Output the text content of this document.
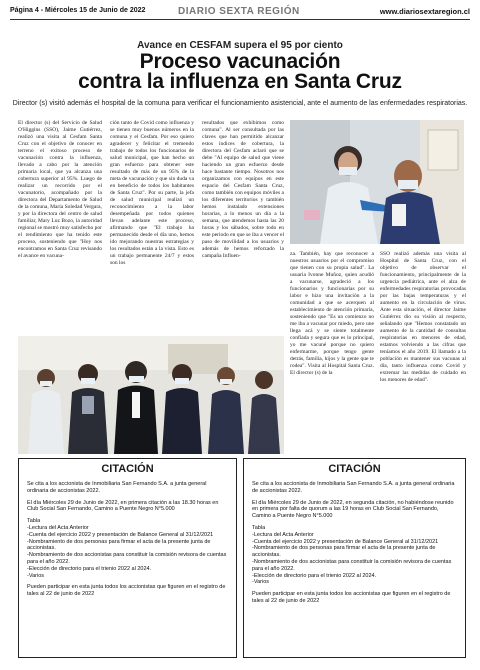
Página 4 - Miércoles 15 de Junio de 2022	DIARIO SEXTA REGIÓN	www.diariosextaregion.cl
Avance en CESFAM supera el 95 por ciento
Proceso vacunación
contra la influenza en Santa Cruz
Director (s) visitó además el hospital de la comuna para verificar el funcionamiento asistencial, ante el aumento de las enfermedades respiratorias.

El director (s) del Servicio de Salud O'Higgins (SSO), Jaime Gutiérrez, realizó una visita al Cesfam Santa Cruz con el objetivo de conocer en terreno el exitoso proceso de vacunación contra la influenza, llevado a cabo por la atención primaria local, que ya alcanza una cobertura superior al 95%. Luego de realizar un recorrido por el vacunatorio, acompañado por la directora del Departamento de Salud de la comuna, María Soledad Vergara, y por la directora del centro de salud familiar, Mary Luz Bozo, la autoridad regional se mostró muy satisfecho por el rendimiento que ha tenido este proceso, sosteniendo que "Hoy nos encontramos en Santa Cruz revisando el avance en vacuna-

ción tanto de Covid como influenza y se tienen muy buenos números en la comuna y el Cesfam. Por eso quiero agradecer y felicitar el tremendo trabajo de todos los funcionarios de salud municipal, que han hecho un gran esfuerzo para obtener este resultado de más de un 95% de la meta de vacunación y que sin duda va en beneficio de todos los habitantes de Santa Cruz". Por su parte, la jefa de salud municipal realizó un reconocimiento a la labor desempeñada por todos quienes llevan adelante este proceso, afirmando que "El trabajo ha permanecido desde el día uno, hemos ido mejorando nuestras estrategias y los resultados están a la vista. Esto es un trabajo permanente 24/7 y estos son los

resultados que exhibimos como comuna". Al ser consultada por las claves que han permitido alcanzar estos índices de cobertura, la directora del Cesfam aclaró que se debe "Al equipo de salud que viene haciendo un gran esfuerzo desde hace bastante tiempo. Nosotros nos organizamos con equipos en este espacio del Cesfam Santa Cruz, como también con equipos móviles a los diferentes territorios y también hemos instalado extensiones horarias, a lo menos un día a la semana, que atendemos hasta las 20 horas y los sábados, sobre todo en este periodo en que se iba a vencer el paso de movilidad a los usuarios y además de hemos reforzado la campaña Influen-	za. También, hay que reconocer a nuestros usuarios por el compromiso que tienen con su propia salud". La usuaria Ivonne Muñoz, quien acudió a vacunarse, agradeció a los funcionarios y funcionarias por su labor e hizo una invitación a la comunidad a que se acerquen al establecimiento de atención primaria, sosteniendo que "Es un comienzo no me iba a vacunar por miedo, pero une llega acá y se siente totalmente confiada y segura que es lo principal, yo me vacuné porque no quiero enfermarme, porque tengo gente detrás, familia, hijos y la gente que te rodea". Visita al Hospital Santa Cruz. El director (s) de la

SSO realizó además una visita al Hospital de Santa Cruz, con el objetivo de observar el funcionamiento, principalmente de la urgencia pediátrica, ante el alza de enfermedades respiratorias provocadas por las bajas temperaturas y el aumento en la circulación de virus. Ante esta situación, el director Jaime Gutiérrez dio su visión al respecto, señalando que "Hemos constatado un aumento de la cantidad de consultas respiratorias en menores de edad, estamos volviendo a las cifras que teníamos el año 2019. El llamado a la población es mantener sus vacunas al día, tanto influenza como Covid y extremar las medidas de cuidado en los menores de edad".

CITACIÓN

Se cita a los accionista de Inmobiliaria San Fernando S.A. a junta general ordinaria de accionistas 2022.

El día Miércoles 29 de Junio de 2022, en primera citación a las 18.30 horas en Club Social San Fernando, Camino a Puente Negro N°5.000

Tabla
-Lectura del Acta Anterior
-Cuenta del ejercicio 2022 y presentación de Balance General al 31/12/2021
-Nombramiento de dos personas para firmar el acta de la presente junta de accionistas.
-Nombramiento de dos accionistas para constituir la comisión revisora de cuentas para el año 2022.
-Elección de directorio para el trienio 2022 al 2024.

-Varios

Pueden participar en esta junta todos los accionistas que figuren en el registro de tales al 22 de junio de 2022

CITACIÓN

Se cita a los accionista de Inmobiliaria San Fernando S.A. a junta general ordinaria de accionistas 2022.

El día Miércoles 29 de Junio de 2022, en segunda citación, no habiéndose reunido en primera por falta de quorum a las 19 horas en Club Social San Fernando, Camino a Puente Negro N°5.000

Tabla
-Lectura del Acta Anterior
-Cuenta del ejercicio 2022 y presentación de Balance General al 31/12/2021
-Nombramiento de dos personas para firmar el acta de la presente junta de accionistas.
-Nombramiento de dos accionistas para constituir la comisión revisora de cuentas para el año 2022.
-Elección de directorio para el trienio 2022 al 2024.

-Varios

Pueden participar en esta junta todos los accionistas que figuren en el registro de tales al 22 de junio de 2022
